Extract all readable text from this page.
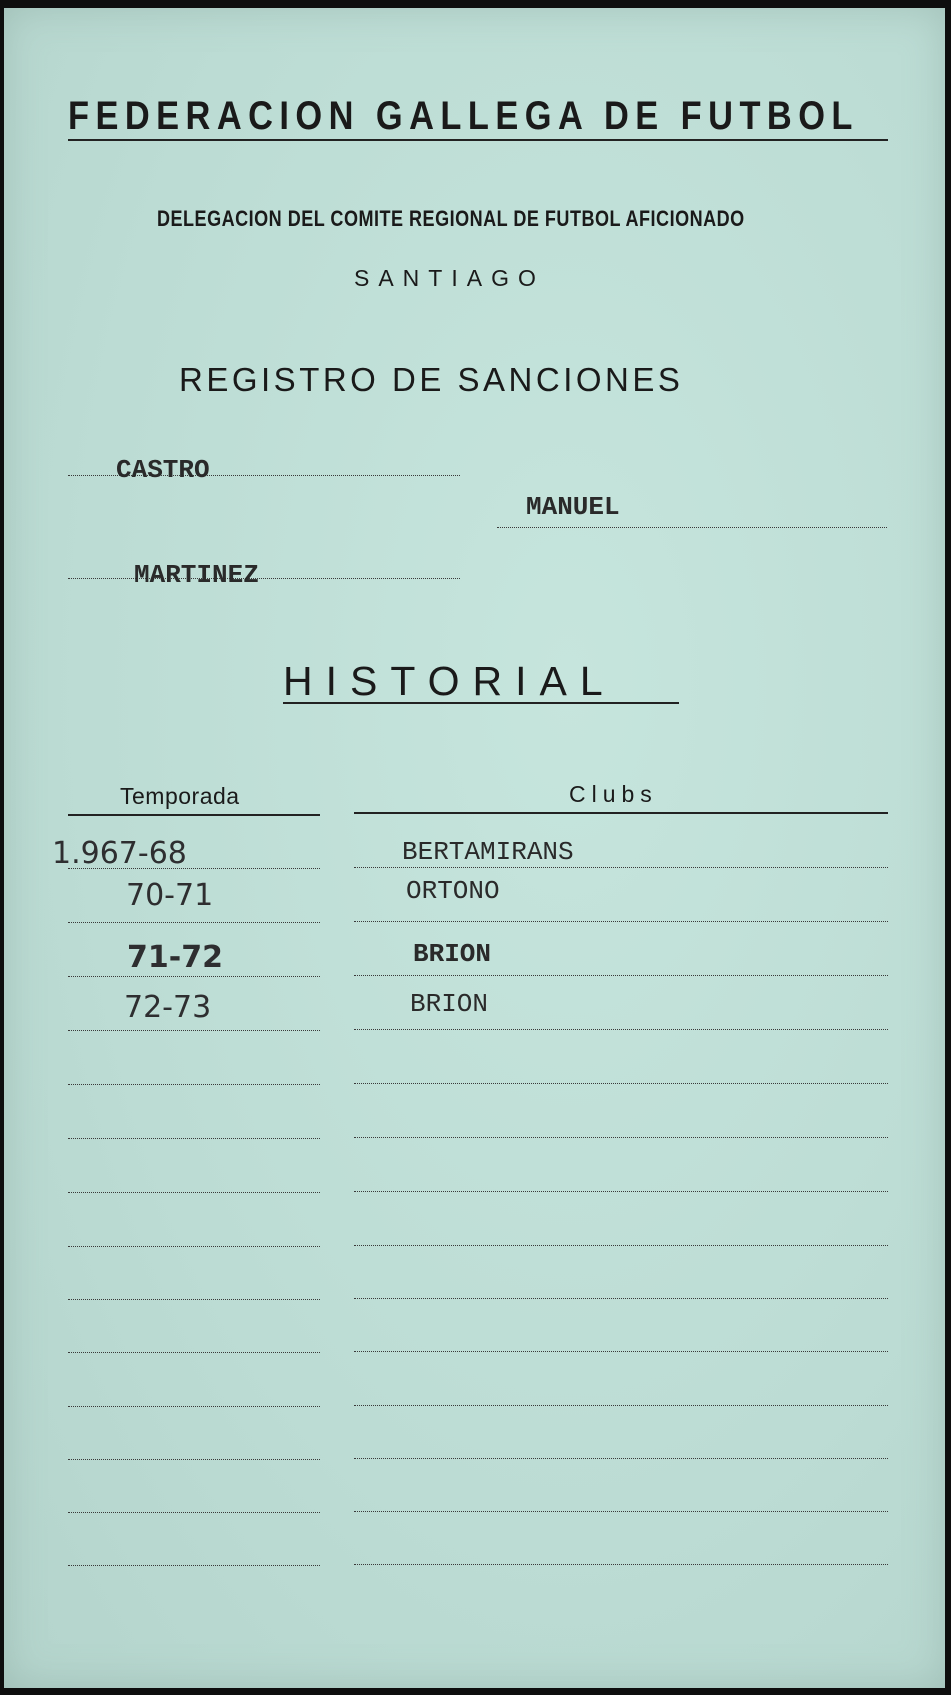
FEDERACION GALLEGA DE FUTBOL
DELEGACION DEL COMITE REGIONAL DE FUTBOL AFICIONADO
SANTIAGO
REGISTRO DE SANCIONES
CASTRO
MANUEL
MARTINEZ
HISTORIAL
Temporada	Clubs
1.967-68	BERTAMIRANS
70-71	ORTONO
71-72	BRION
72-73	BRION
